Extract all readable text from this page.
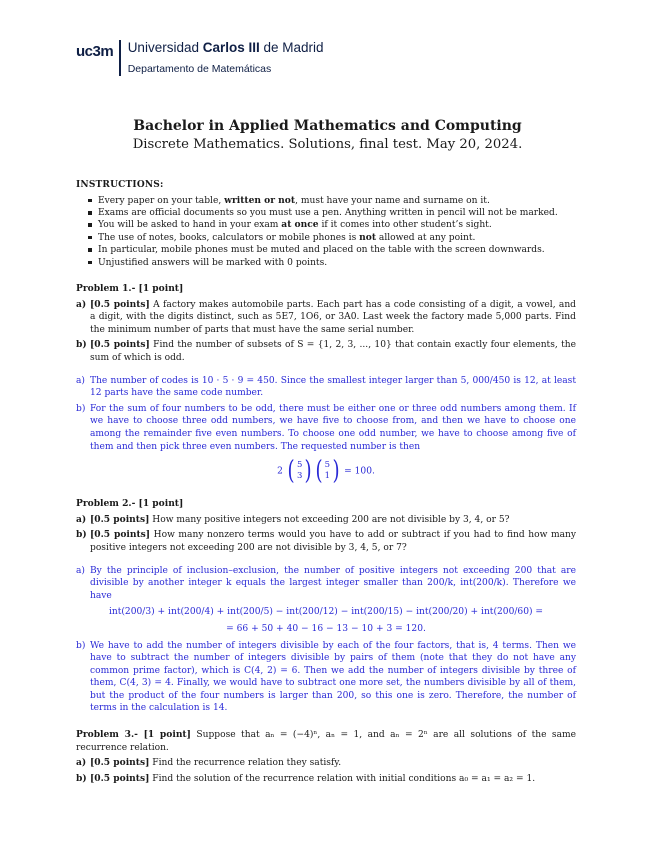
uc3m Universidad Carlos III de Madrid
Departamento de Matemáticas
Bachelor in Applied Mathematics and Computing
Discrete Mathematics. Solutions, final test. May 20, 2024.
INSTRUCTIONS:
Every paper on your table, written or not, must have your name and surname on it.
Exams are official documents so you must use a pen. Anything written in pencil will not be marked.
You will be asked to hand in your exam at once if it comes into other student’s sight.
The use of notes, books, calculators or mobile phones is not allowed at any point.
In particular, mobile phones must be muted and placed on the table with the screen downwards.
Unjustified answers will be marked with 0 points.
Problem 1.- [1 point]
a) [0.5 points] A factory makes automobile parts. Each part has a code consisting of a digit, a vowel, and a digit, with the digits distinct, such as 5E7, 1O6, or 3A0. Last week the factory made 5,000 parts. Find the minimum number of parts that must have the same serial number.
b) [0.5 points] Find the number of subsets of S = {1, 2, 3, ..., 10} that contain exactly four elements, the sum of which is odd.
a) The number of codes is 10 · 5 · 9 = 450. Since the smallest integer larger than 5, 000/450 is 12, at least 12 parts have the same code number.
b) For the sum of four numbers to be odd, there must be either one or three odd numbers among them. If we have to choose three odd numbers, we have five to choose from, and then we have to choose one among the remainder five even numbers. To choose one odd number, we have to choose among five of them and then pick three even numbers. The requested number is then
2 ( 5
3 ) ( 5
1 ) = 100.
Problem 2.- [1 point]
a) [0.5 points] How many positive integers not exceeding 200 are not divisible by 3, 4, or 5?
b) [0.5 points] How many nonzero terms would you have to add or subtract if you had to find how many positive integers not exceeding 200 are not divisible by 3, 4, 5, or 7?
a) By the principle of inclusion–exclusion, the number of positive integers not exceeding 200 that are divisible by another integer k equals the largest integer smaller than 200/k, int(200/k). Therefore we have
int(200/3) + int(200/4) + int(200/5) − int(200/12) − int(200/15) − int(200/20) + int(200/60) =
= 66 + 50 + 40 − 16 − 13 − 10 + 3 = 120.
b) We have to add the number of integers divisible by each of the four factors, that is, 4 terms. Then we have to subtract the number of integers divisible by pairs of them (note that they do not have any common prime factor), which is C(4, 2) = 6. Then we add the number of integers divisible by three of them, C(4, 3) = 4. Finally, we would have to subtract one more set, the numbers divisible by all of them, but the product of the four numbers is larger than 200, so this one is zero. Therefore, the number of terms in the calculation is 14.
Problem 3.- [1 point] Suppose that aₙ = (−4)ⁿ, aₙ = 1, and aₙ = 2ⁿ are all solutions of the same recurrence relation.
a) [0.5 points] Find the recurrence relation they satisfy.
b) [0.5 points] Find the solution of the recurrence relation with initial conditions a₀ = a₁ = a₂ = 1.
